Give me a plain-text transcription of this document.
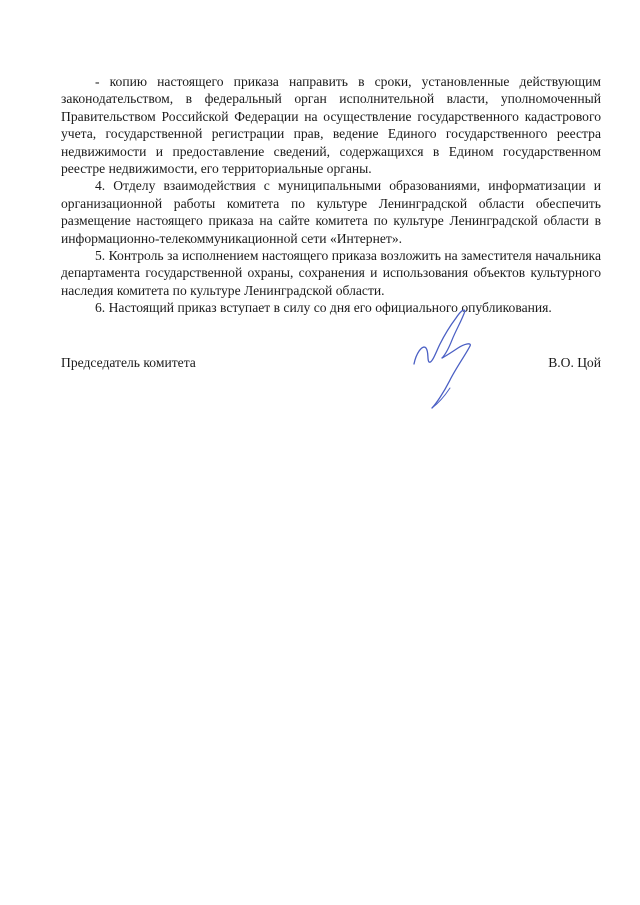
- копию настоящего приказа направить в сроки, установленные действующим законодательством, в федеральный орган исполнительной власти, уполномоченный Правительством Российской Федерации на осуществление государственного кадастрового учета, государственной регистрации прав, ведение Единого государственного реестра недвижимости и предоставление сведений, содержащихся в Едином государственном реестре недвижимости, его территориальные органы.

4. Отделу взаимодействия с муниципальными образованиями, информатизации и организационной работы комитета по культуре Ленинградской области обеспечить размещение настоящего приказа на сайте комитета по культуре Ленинградской области в информационно-телекоммуникационной сети «Интернет».

5. Контроль за исполнением настоящего приказа возложить на заместителя начальника департамента государственной охраны, сохранения и использования объектов культурного наследия комитета по культуре Ленинградской области.

6. Настоящий приказ вступает в силу со дня его официального опубликования.

Председатель комитета	В.О. Цой
